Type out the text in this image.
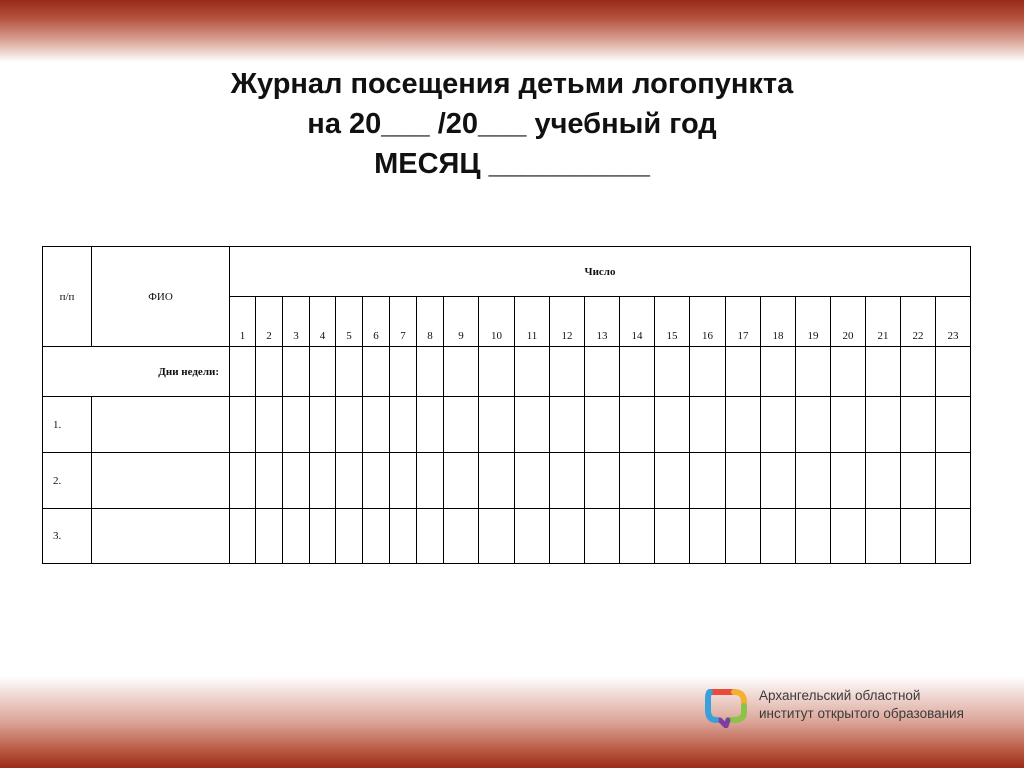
Журнал посещения детьми логопункта
на 20___ /20___ учебный год
МЕСЯЦ __________
п/п	ФИО	Число																						
		1	2	3	4	5	6	7	8	9	10	11	12	13	14	15	16	17	18	19	20	21	22	23
Дни недели:																								
1.																								
2.																								
3.																								
Архангельский областной
институт открытого образования
